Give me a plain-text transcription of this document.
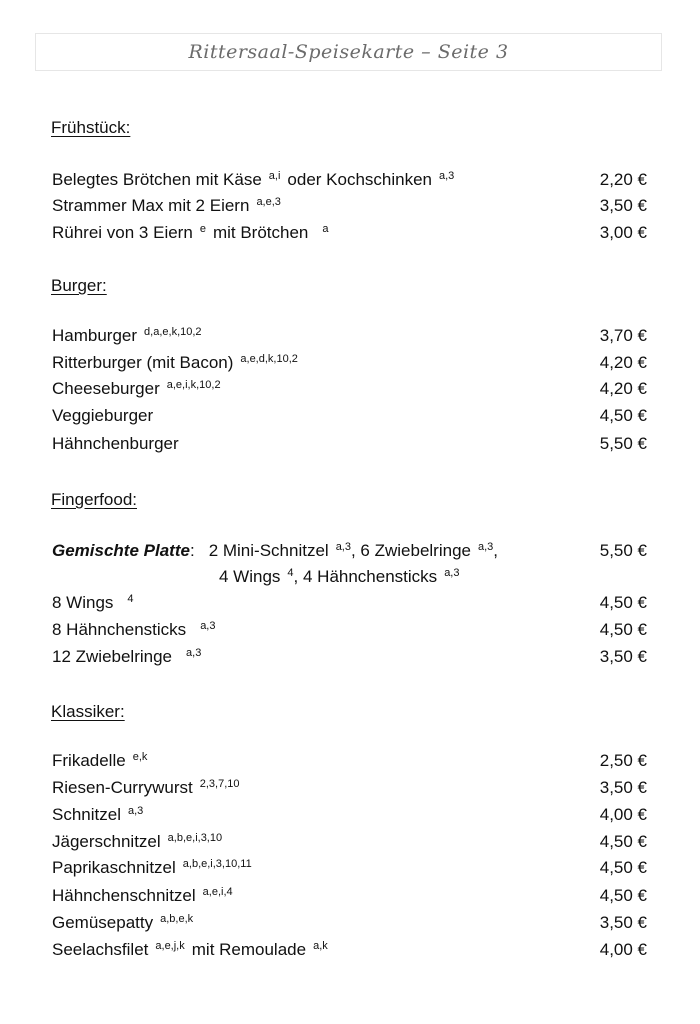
Rittersaal-Speisekarte – Seite 3
Frühstück:
Belegtes Brötchen mit Käse $^{a,i}$ oder Kochschinken $^{a,3}$	2,20 €
Strammer Max mit 2 Eiern $^{a,e,3}$	3,50 €
Rührei von 3 Eiern $^e$ mit Brötchen $^a$	3,00 €
Burger:
Hamburger $^{d,a,e,k,10,2}$	3,70 €
Ritterburger (mit Bacon) $^{a,e,d,k,10,2}$	4,20 €
Cheeseburger $^{a,e,i,k,10,2}$	4,20 €
Veggieburger	4,50 €
Hähnchenburger	5,50 €
Fingerfood:
Gemischte Platte: 2 Mini-Schnitzel $^{a,3}$, 6 Zwiebelringe $^{a,3}$,	5,50 €
4 Wings $^4$, 4 Hähnchensticks $^{a,3}$
8 Wings $^4$	4,50 €
8 Hähnchensticks $^{a,3}$	4,50 €
12 Zwiebelringe $^{a,3}$	3,50 €
Klassiker:
Frikadelle $^{e,k}$	2,50 €
Riesen-Currywurst $^{2,3,7,10}$	3,50 €
Schnitzel $^{a,3}$	4,00 €
Jägerschnitzel $^{a,b,e,i,3,10}$	4,50 €
Paprikaschnitzel $^{a,b,e,i,3,10,11}$	4,50 €
Hähnchenschnitzel $^{a,e,i,4}$	4,50 €
Gemüsepatty $^{a,b,e,k}$	3,50 €
Seelachsfilet $^{a,e,j,k}$ mit Remoulade $^{a,k}$	4,00 €
